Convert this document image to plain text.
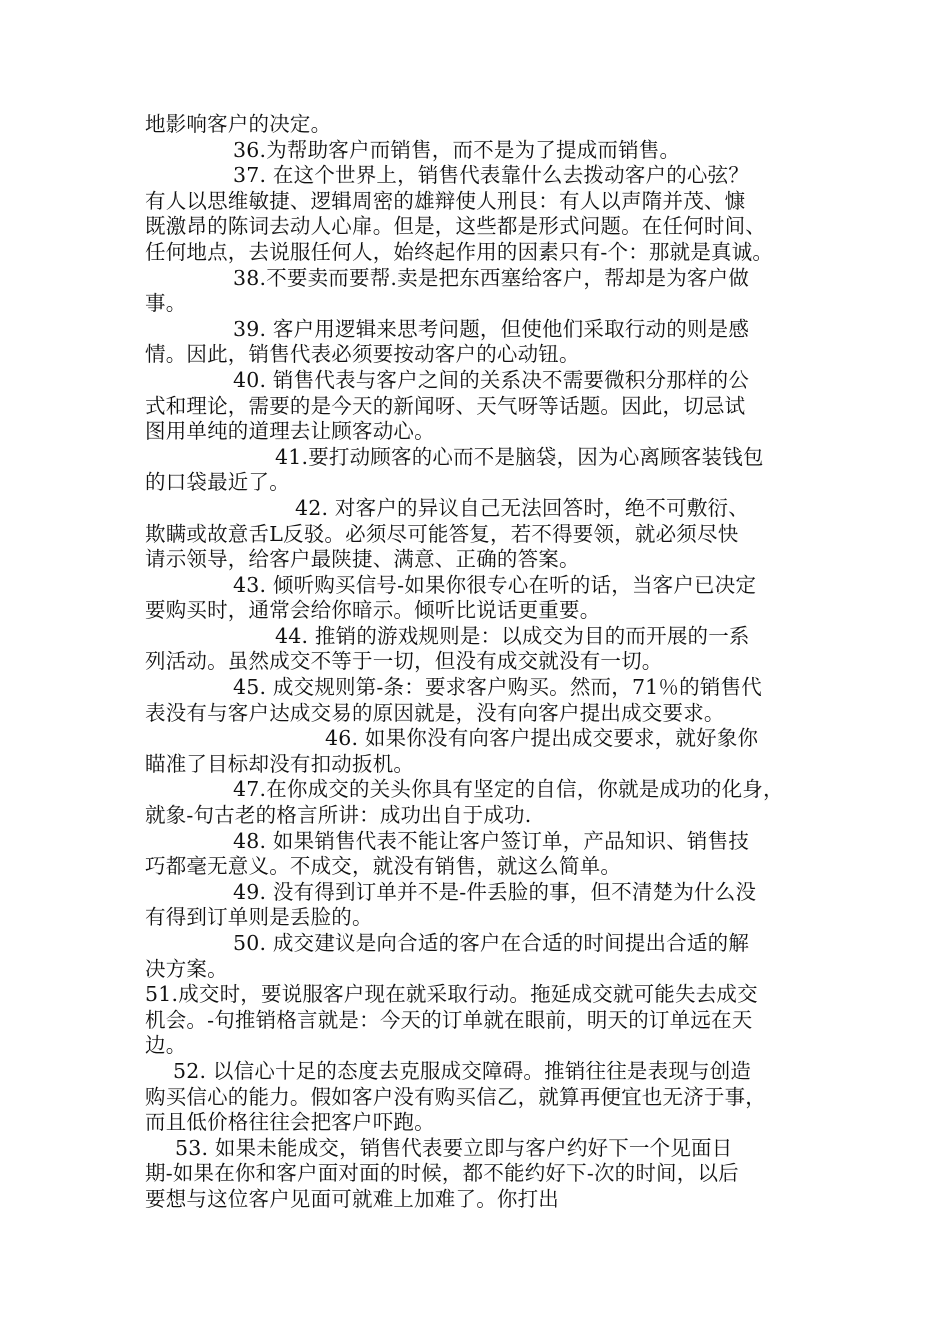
地影响客户的决定。
36.为帮助客户而销售，而不是为了提成而销售。
37. 在这个世界上，销售代表靠什么去拨动客户的心弦？
有人以思维敏捷、逻辑周密的雄辩使人刑艮：有人以声隋并茂、慷
既激昂的陈词去动人心扉。但是，这些都是形式问题。在任何时间、
任何地点，去说服任何人，始终起作用的因素只有-个：那就是真诚。
38.不要卖而要帮.卖是把东西塞给客户，帮却是为客户做
事。
39. 客户用逻辑来思考问题，但使他们采取行动的则是感
情。因此，销售代表必须要按动客户的心动钮。
40. 销售代表与客户之间的关系决不需要微积分那样的公
式和理论，需要的是今天的新闻呀、天气呀等话题。因此，切忌试
图用单纯的道理去让顾客动心。
41.要打动顾客的心而不是脑袋，因为心离顾客装钱包
的口袋最近了。
42. 对客户的异议自己无法回答时，绝不可敷衍、
欺瞒或故意舌L反驳。必须尽可能答复，若不得要领，就必须尽快
请示领导，给客户最陕捷、满意、正确的答案。
43. 倾听购买信号-如果你很专心在听的话，当客户已决定
要购买时，通常会给你暗示。倾听比说话更重要。
44. 推销的游戏规则是：以成交为目的而开展的一系
列活动。虽然成交不等于一切，但没有成交就没有一切。
45. 成交规则第-条：要求客户购买。然而，71％的销售代
表没有与客户达成交易的原因就是，没有向客户提出成交要求。
46. 如果你没有向客户提出成交要求，就好象你
瞄准了目标却没有扣动扳机。
47.在你成交的关头你具有坚定的自信，你就是成功的化身，
就象-句古老的格言所讲：成功出自于成功.
48. 如果销售代表不能让客户签订单，产品知识、销售技
巧都毫无意义。不成交，就没有销售，就这么简单。
49. 没有得到订单并不是-件丢脸的事，但不清楚为什么没
有得到订单则是丢脸的。
50. 成交建议是向合适的客户在合适的时间提出合适的解
决方案。
51.成交时，要说服客户现在就采取行动。拖延成交就可能失去成交
机会。-句推销格言就是：今天的订单就在眼前，明天的订单远在天
边。
52. 以信心十足的态度去克服成交障碍。推销往往是表现与创造
购买信心的能力。假如客户没有购买信乙，就算再便宜也无济于事，
而且低价格往往会把客户吓跑。
53. 如果未能成交，销售代表要立即与客户约好下一个见面日
期-如果在你和客户面对面的时候，都不能约好下-次的时间，以后
要想与这位客户见面可就难上加难了。你打出
